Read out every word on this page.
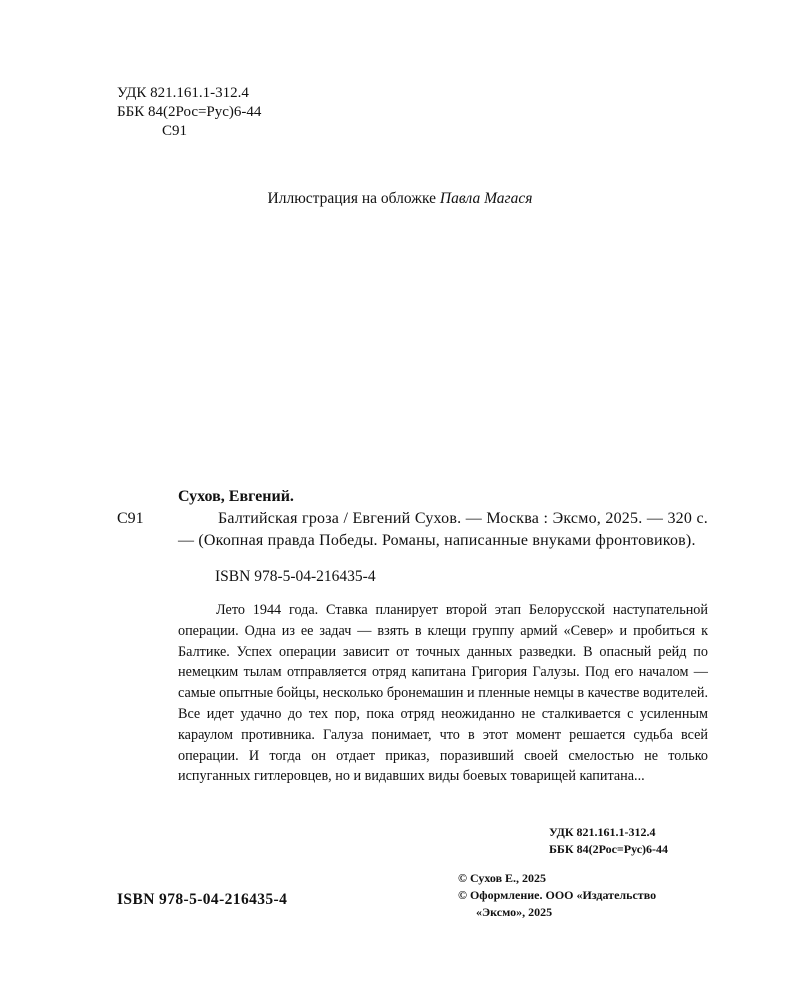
УДК 821.161.1-312.4
ББК 84(2Рос=Рус)6-44
С91

Иллюстрация на обложке Павла Магася

С91
Сухов, Евгений.
Балтийская гроза / Евгений Сухов. — Москва : Эксмо, 2025. — 320 с. — (Окопная правда Победы. Романы, написанные внуками фронтовиков).
ISBN 978-5-04-216435-4

Лето 1944 года. Ставка планирует второй этап Белорусской наступательной операции. Одна из ее задач — взять в клещи группу армий «Север» и пробиться к Балтике. Успех операции зависит от точных данных разведки. В опасный рейд по немецким тылам отправляется отряд капитана Григория Галузы. Под его началом — самые опытные бойцы, несколько бронемашин и пленные немцы в качестве водителей. Все идет удачно до тех пор, пока отряд неожиданно не сталкивается с усиленным караулом противника. Галуза понимает, что в этот момент решается судьба всей операции. И тогда он отдает приказ, поразивший своей смелостью не только испуганных гитлеровцев, но и видавших виды боевых товарищей капитана...

УДК 821.161.1-312.4
ББК 84(2Рос=Рус)6-44
© Сухов Е., 2025
© Оформление. ООО «Издательство
«Эксмо», 2025
ISBN 978-5-04-216435-4
